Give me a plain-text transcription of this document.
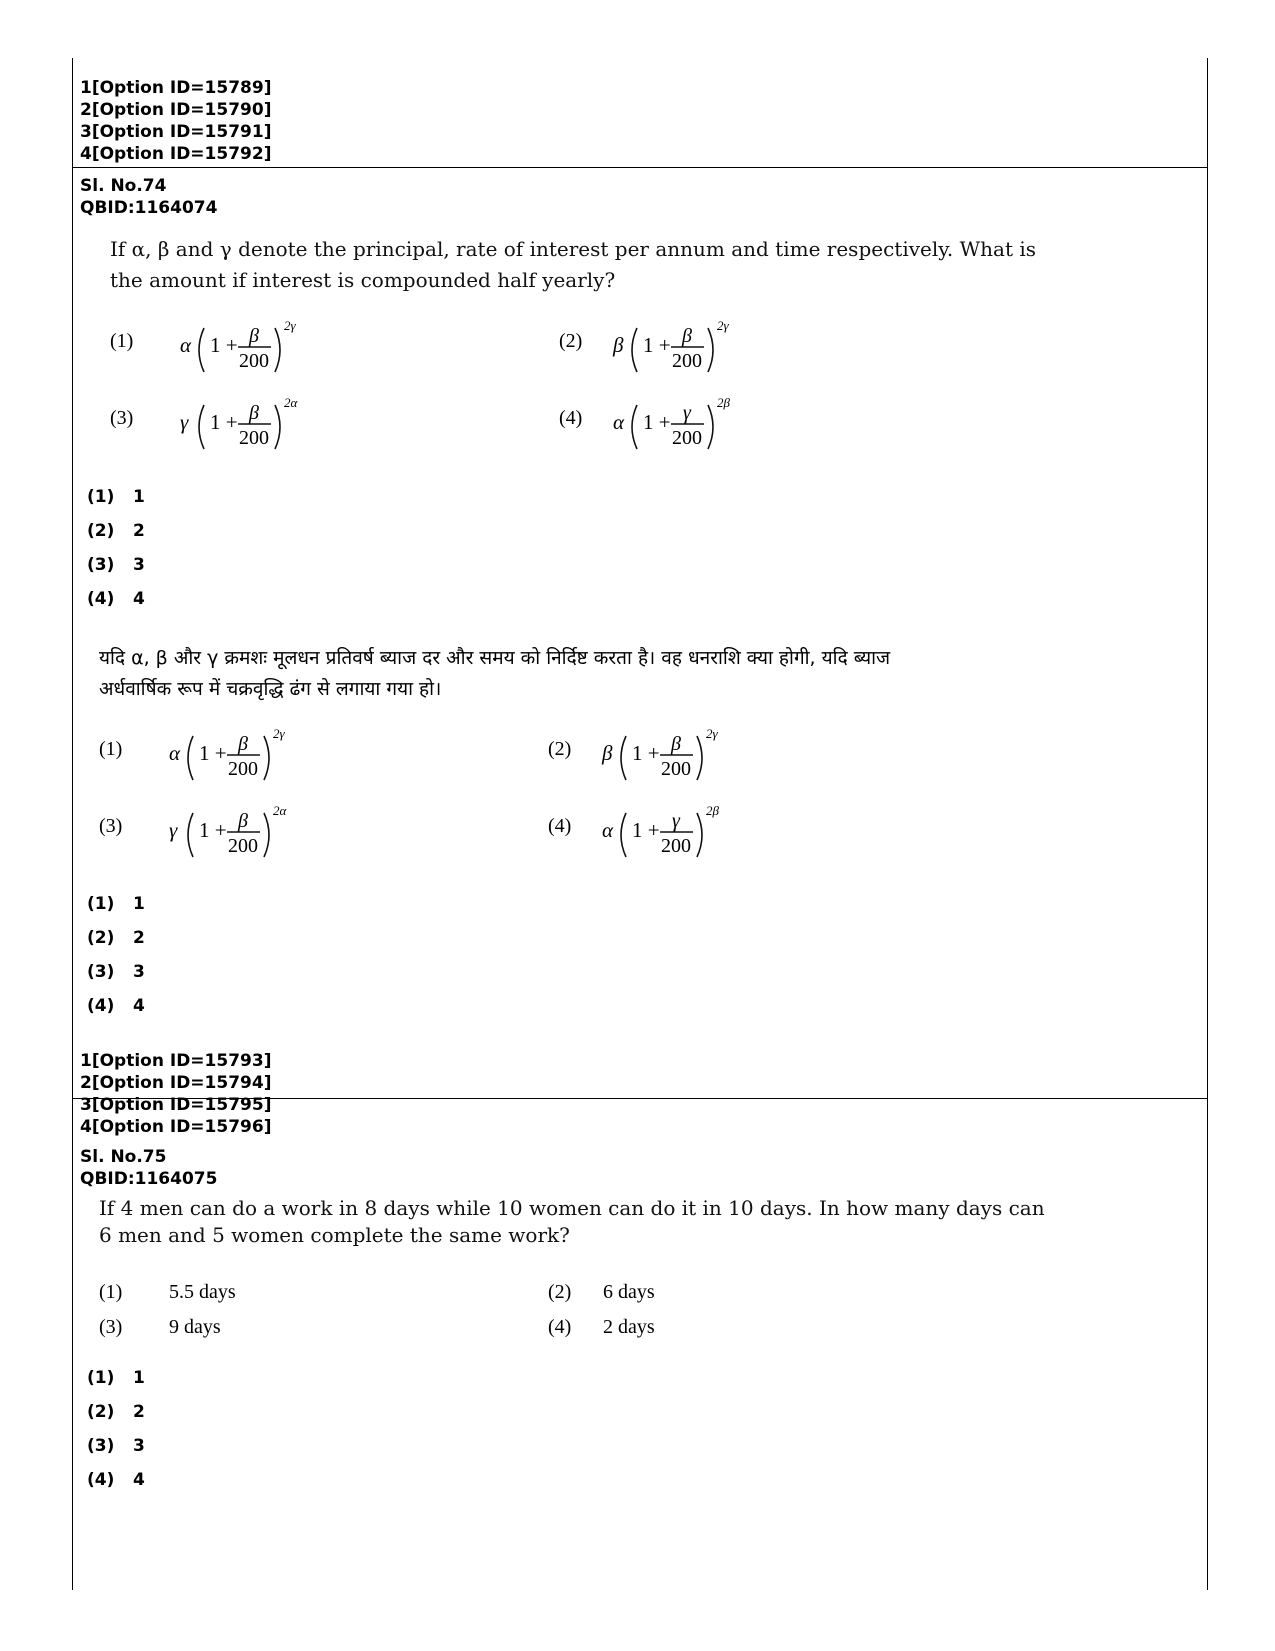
1[Option ID=15789]
2[Option ID=15790]
3[Option ID=15791]
4[Option ID=15792]
Sl. No.74
QBID:1164074
If α, β and γ denote the principal, rate of interest per annum and time respectively. What is
the amount if interest is compounded half yearly?
(1) α 1 + β
200
2γ
(2) β 1 + β
200
2γ
(3) γ 1 + β
200
2α
(4) α 1 + γ
200
2β
(1) 1
(2) 2
(3) 3
(4) 4
यदि α, β और γ क्रमशः मूलधन प्रतिवर्ष ब्याज दर और समय को निर्दिष्ट करता है। वह धनराशि क्या होगी, यदि ब्याज
अर्धवार्षिक रूप में चक्रवृद्धि ढंग से लगाया गया हो।
(1) α 1 + β
200
2γ
(2) β 1 + β
200
2γ
(3) γ 1 + β
200
2α
(4) α 1 + γ
200
2β
(1) 1
(2) 2
(3) 3
(4) 4
1[Option ID=15793]
2[Option ID=15794]
3[Option ID=15795]
4[Option ID=15796]
Sl. No.75
QBID:1164075
If 4 men can do a work in 8 days while 10 women can do it in 10 days. In how many days can
6 men and 5 women complete the same work?
(1) 5.5 days	(2) 6 days
(3) 9 days	(4) 2 days
(1) 1
(2) 2
(3) 3
(4) 4
